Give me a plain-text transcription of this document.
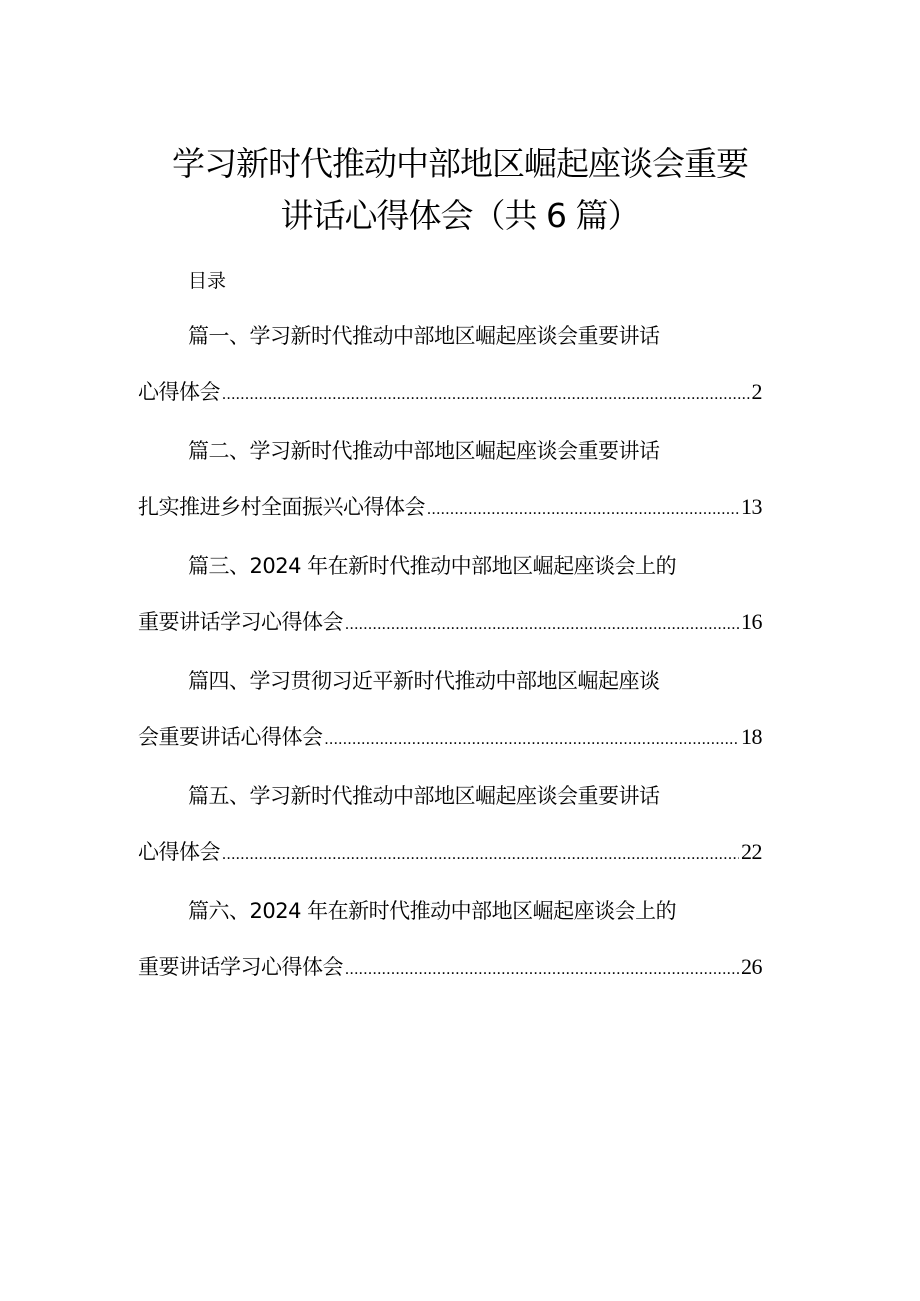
学习新时代推动中部地区崛起座谈会重要
讲话心得体会（共 6 篇）
目录
篇一、学习新时代推动中部地区崛起座谈会重要讲话
心得体会 .....	2
篇二、学习新时代推动中部地区崛起座谈会重要讲话
扎实推进乡村全面振兴心得体会 .....	13
篇三、2024 年在新时代推动中部地区崛起座谈会上的
重要讲话学习心得体会 .....	16
篇四、学习贯彻习近平新时代推动中部地区崛起座谈
会重要讲话心得体会 .....	18
篇五、学习新时代推动中部地区崛起座谈会重要讲话
心得体会 .....	22
篇六、2024 年在新时代推动中部地区崛起座谈会上的
重要讲话学习心得体会 .....	26
